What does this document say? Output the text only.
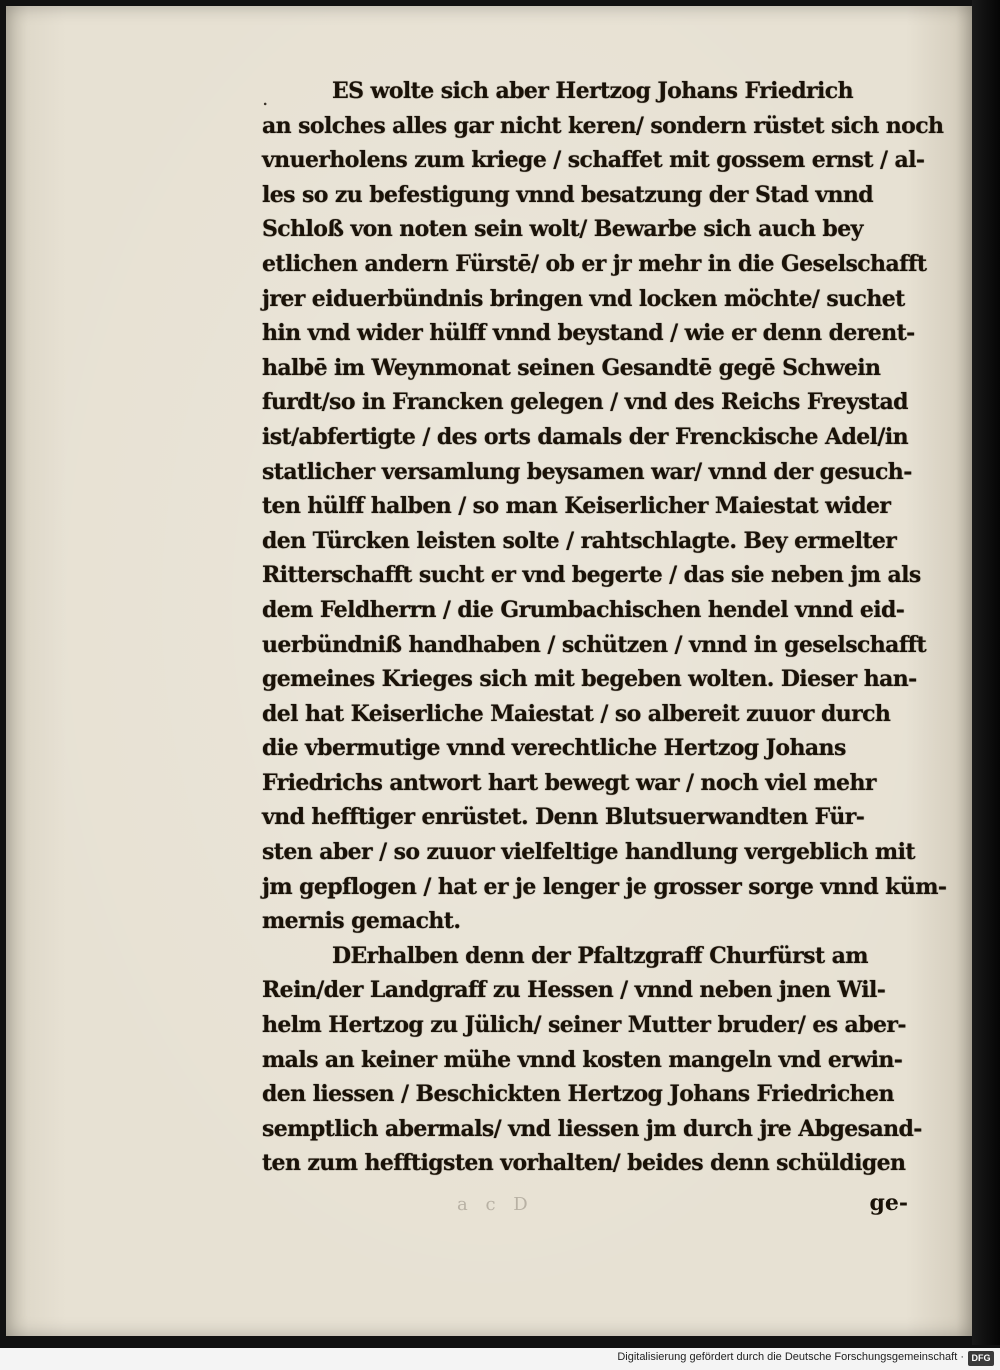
.	ES wolte sich aber Hertzog Johans Friedrich
an solches alles gar nicht keren/ sondern rüstet sich noch
vnuerholens zum kriege / schaffet mit gossem ernst / al-
les so zu befestigung vnnd besatzung der Stad vnnd
Schloß von noten sein wolt/ Bewarbe sich auch bey
etlichen andern Fürstē/ ob er jr mehr in die Geselschafft
jrer eiduerbündnis bringen vnd locken möchte/ suchet
hin vnd wider hülff vnnd beystand / wie er denn derent-
halbē im Weynmonat seinen Gesandtē gegē Schwein
furdt/so in Francken gelegen / vnd des Reichs Freystad
ist/abfertigte / des orts damals der Frenckische Adel/in
statlicher versamlung beysamen war/ vnnd der gesuch-
ten hülff halben / so man Keiserlicher Maiestat wider
den Türcken leisten solte / rahtschlagte. Bey ermelter
Ritterschafft sucht er vnd begerte / das sie neben jm als
dem Feldherrn / die Grumbachischen hendel vnnd eid-
uerbündniß handhaben / schützen / vnnd in geselschafft
gemeines Krieges sich mit begeben wolten. Dieser han-
del hat Keiserliche Maiestat / so albereit zuuor durch
die vbermutige vnnd verechtliche Hertzog Johans
Friedrichs antwort hart bewegt war / noch viel mehr
vnd hefftiger enrüstet. Denn Blutsuerwandten Für-
sten aber / so zuuor vielfeltige handlung vergeblich mit
jm gepflogen / hat er je lenger je grosser sorge vnnd küm-
mernis gemacht.
DErhalben denn der Pfaltzgraff Churfürst am
Rein/der Landgraff zu Hessen / vnnd neben jnen Wil-
helm Hertzog zu Jülich/ seiner Mutter bruder/ es aber-
mals an keiner mühe vnnd kosten mangeln vnd erwin-
den liessen / Beschickten Hertzog Johans Friedrichen
semptlich abermals/ vnd liessen jm durch jre Abgesand-
ten zum hefftigsten vorhalten/ beides denn schüldigen
a c D	ge-
Digitalisierung gefördert durch die Deutsche Forschungsgemeinschaft · DFG
